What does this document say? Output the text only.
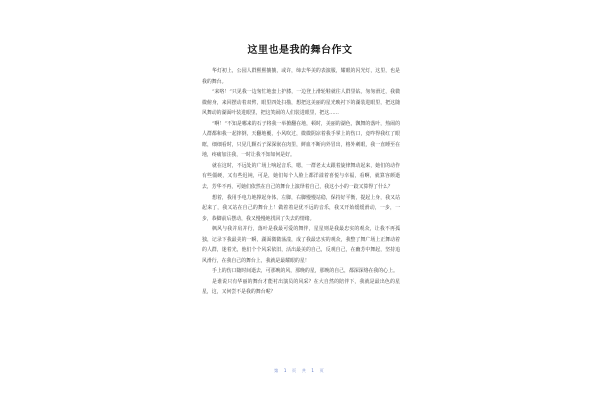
这里也是我的舞台作文

华灯初上，公园人群熙熙攘攘，或许，缔去华美的表演服，耀眼的闪光灯，这里，也是我的舞台。

“来咯！”只见我一边匆忙地套上护膝，一边登上滑轮鞋就往人群里钻。匆匆滑过，我微微俯身，来回摆动着双臂，眼里四处扫描，想把这美丽的星光映衬下的湖装进眼里，把这随风舞动的湖面叶装进眼里，把这笑闹的人们装进眼里，把这……

“啊！”不知是哪来的石子将我一举掀翻在地，顿时，美丽的湖色，飘舞的落叶，热闹的人群都和我一起摔倒，天翻地覆，小风吹过，微微阴凉着我手掌上的伤口，竟咋得我红了眼眶，细细看时，只见几颗石子深深嵌在肉里，鲜血不断向外冒出，格外刺眼，我一直睡至在地，疼痛加注我，一时让我不知如何是好。

就在这时，不远处的广场上响起音乐，嗯，一群老太太跟着旋律舞动起来，她们的动作有些僵硬，又有些迟钝，可是，她们每个人脸上都洋溢着喜悦与幸福，看啊，就算容颜逝去，芳华不再，可她们依然在自己的舞台上演绎着自己，我这小小的一跤又算得了什么？

想着，我用手电力地撑起身体，左脚，右脚慢慢站稳，保持好平衡，提起上身，我又站起来了，我又站在自己的舞台上！做着着是优不远的音乐，我又开始缓缓滑动，一步，一步，恭脚前后摆动，我又慢慢地找回了失去的情绪。

枫风与我并肩并行，落叶是我最可爱的舞伴，星星则是我最忠实的观众，让我不再孤独，记录下我最美的一瞬，湖面微微荡漾，成了我最忠实的观众，我整了舞广场上正舞动着的人群，迷着光，他们个个风采依旧，活出最美的自己，反观自己，在幽芳中舞起，坚持追风滑行，在我自己的舞台上，我就是最耀眼的星！

手上的伤口随时间逝去，可那晚的风，那晚的星，那晚的自己，都深深烙在我的心上。

是谁说只有华丽的舞台才能衬出演员的风采？在大自然的陪伴下，我就是最出色的星星，这，又何尝不是我的舞台呢？

第 1 页 共 1 页
